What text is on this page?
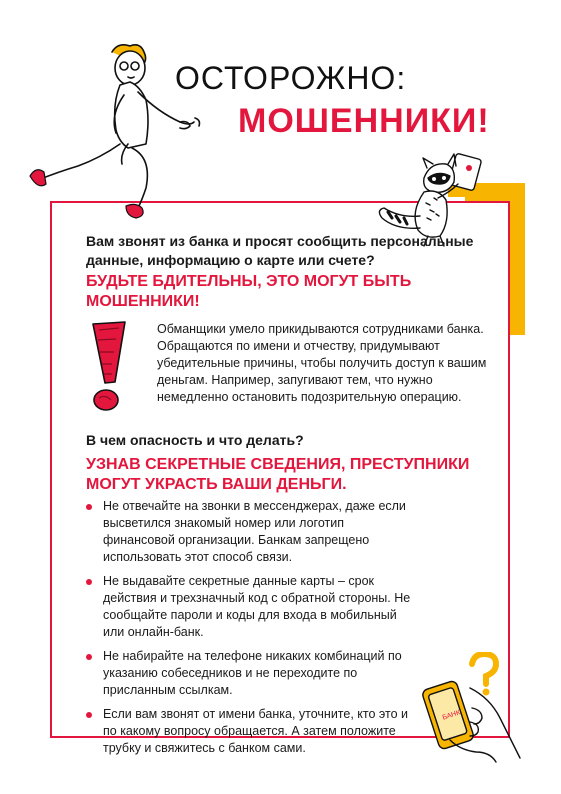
ОСТОРОЖНО:
МОШЕННИКИ!
Вам звонят из банка и просят сообщить персональные данные, информацию о карте или счете?
БУДЬТЕ БДИТЕЛЬНЫ, ЭТО МОГУТ БЫТЬ МОШЕННИКИ!
Обманщики умело прикидываются сотрудниками банка. Обращаются по имени и отчеству, придумывают убедительные причины, чтобы получить доступ к вашим деньгам. Например, запугивают тем, что нужно немедленно остановить подозрительную операцию.
В чем опасность и что делать?
УЗНАВ СЕКРЕТНЫЕ СВЕДЕНИЯ, ПРЕСТУПНИКИ МОГУТ УКРАСТЬ ВАШИ ДЕНЬГИ.
Не отвечайте на звонки в мессенджерах, даже если высветился знакомый номер или логотип финансовой организации. Банкам запрещено использовать этот способ связи.
Не выдавайте секретные данные карты – срок действия и трехзначный код с обратной стороны. Не сообщайте пароли и коды для входа в мобильный или онлайн-банк.
Не набирайте на телефоне никаких комбинаций по указанию собеседников и не переходите по присланным ссылкам.
Если вам звонят от имени банка, уточните, кто это и по какому вопросу обращается. А затем положите трубку и свяжитесь с банком сами.
БАНК
